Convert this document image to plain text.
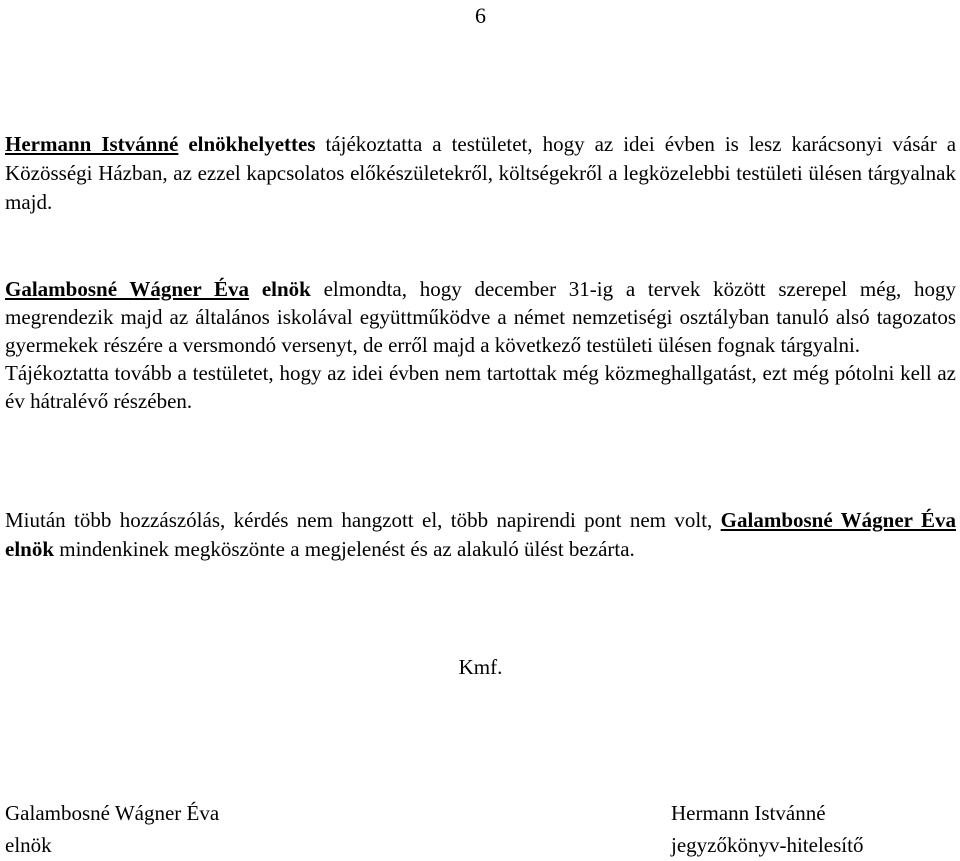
6

Hermann Istvánné elnökhelyettes tájékoztatta a testületet, hogy az idei évben is lesz karácsonyi vásár a Közösségi Házban, az ezzel kapcsolatos előkészületekről, költségekről a legközelebbi testületi ülésen tárgyalnak majd.

Galambosné Wágner Éva elnök elmondta, hogy december 31-ig a tervek között szerepel még, hogy megrendezik majd az általános iskolával együttműködve a német nemzetiségi osztályban tanuló alsó tagozatos gyermekek részére a versmondó versenyt, de erről majd a következő testületi ülésen fognak tárgyalni.
Tájékoztatta tovább a testületet, hogy az idei évben nem tartottak még közmeghallgatást, ezt még pótolni kell az év hátralévő részében.

Miután több hozzászólás, kérdés nem hangzott el, több napirendi pont nem volt, Galambosné Wágner Éva elnök mindenkinek megköszönte a megjelenést és az alakuló ülést bezárta.

Kmf.
Galambosné Wágner Éva
elnök
Hermann Istvánné
jegyzőkönyv-hitelesítő
